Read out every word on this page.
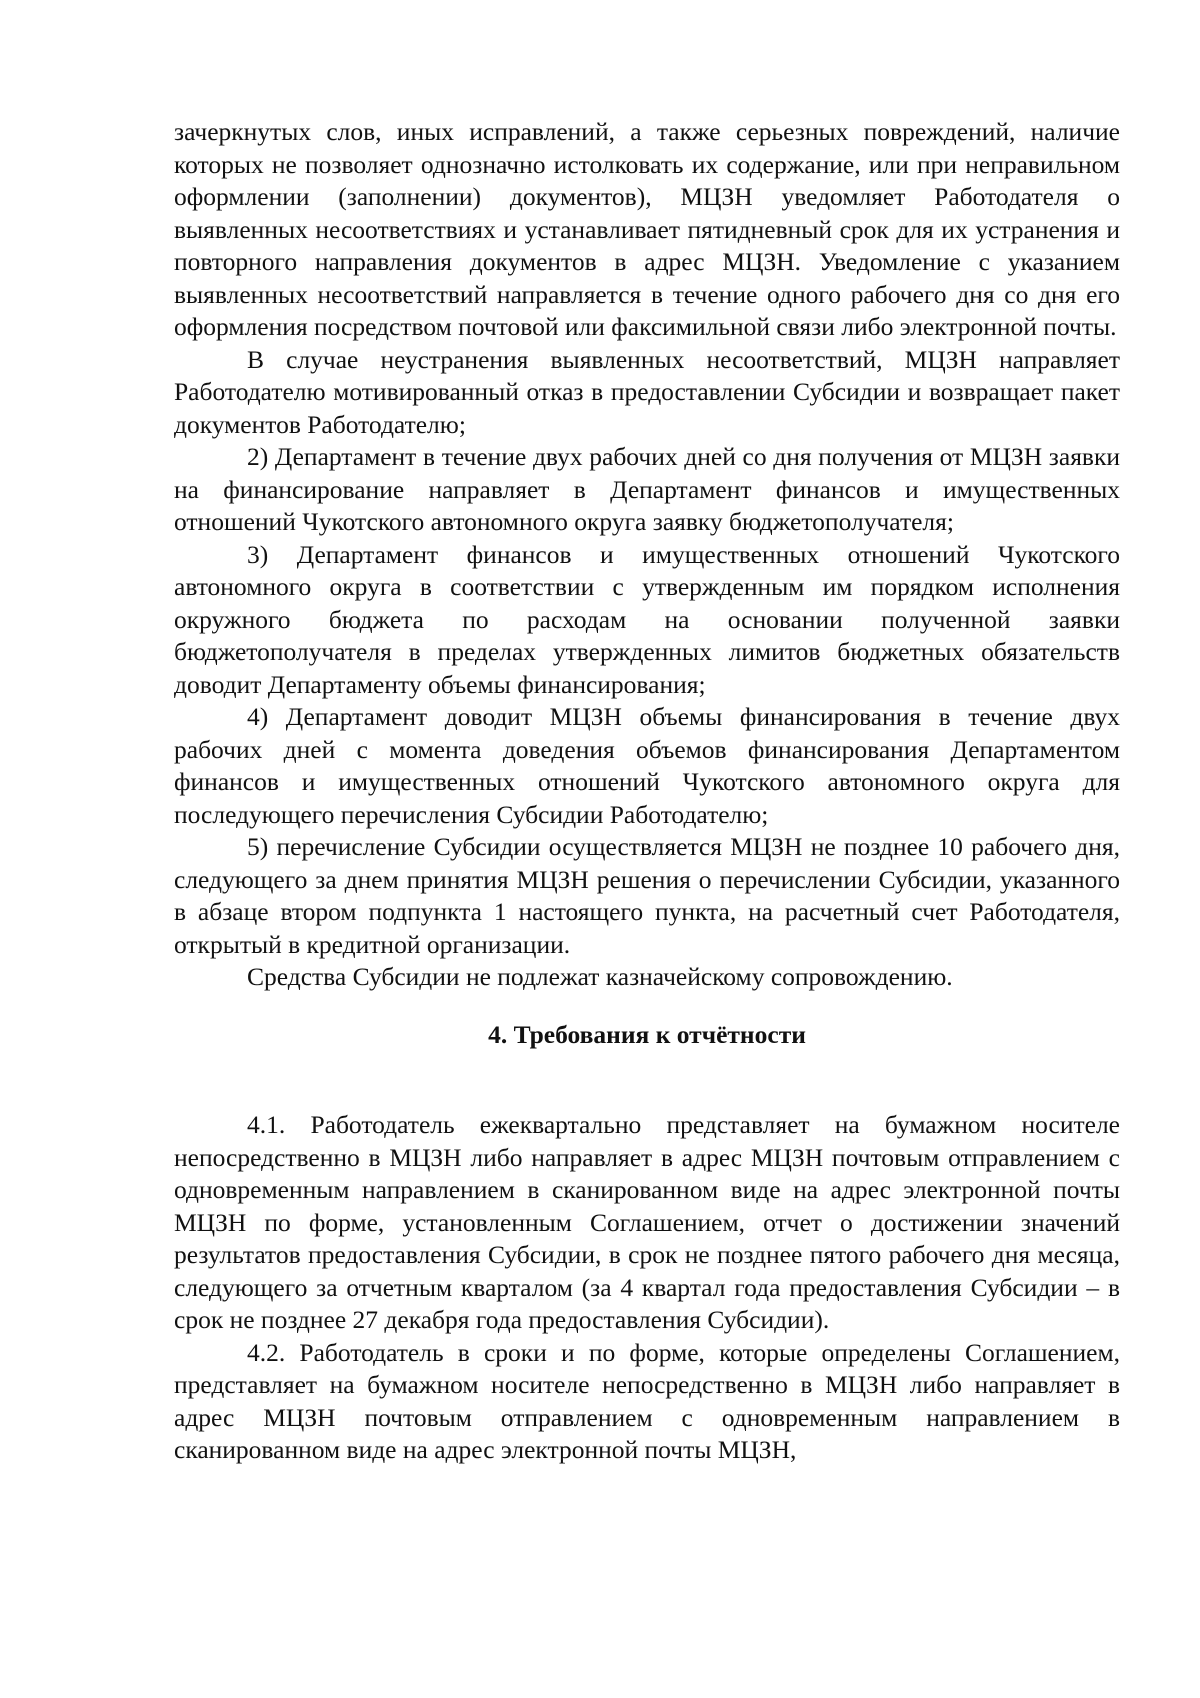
зачеркнутых слов, иных исправлений, а также серьезных повреждений, наличие которых не позволяет однозначно истолковать их содержание, или при неправильном оформлении (заполнении) документов), МЦЗН уведомляет Работодателя о выявленных несоответствиях и устанавливает пятидневный срок для их устранения и повторного направления документов в адрес МЦЗН. Уведомление с указанием выявленных несоответствий направляется в течение одного рабочего дня со дня его оформления посредством почтовой или факсимильной связи либо электронной почты.

В случае неустранения выявленных несоответствий, МЦЗН направляет Работодателю мотивированный отказ в предоставлении Субсидии и возвращает пакет документов Работодателю;

2) Департамент в течение двух рабочих дней со дня получения от МЦЗН заявки на финансирование направляет в Департамент финансов и имущественных отношений Чукотского автономного округа заявку бюджетополучателя;

3) Департамент финансов и имущественных отношений Чукотского автономного округа в соответствии с утвержденным им порядком исполнения окружного бюджета по расходам на основании полученной заявки бюджетополучателя в пределах утвержденных лимитов бюджетных обязательств доводит Департаменту объемы финансирования;

4) Департамент доводит МЦЗН объемы финансирования в течение двух рабочих дней с момента доведения объемов финансирования Департаментом финансов и имущественных отношений Чукотского автономного округа для последующего перечисления Субсидии Работодателю;

5) перечисление Субсидии осуществляется МЦЗН не позднее 10 рабочего дня, следующего за днем принятия МЦЗН решения о перечислении Субсидии, указанного в абзаце втором подпункта 1 настоящего пункта, на расчетный счет Работодателя, открытый в кредитной организации.

Средства Субсидии не подлежат казначейскому сопровождению.

4. Требования к отчётности

4.1. Работодатель ежеквартально представляет на бумажном носителе непосредственно в МЦЗН либо направляет в адрес МЦЗН почтовым отправлением с одновременным направлением в сканированном виде на адрес электронной почты МЦЗН по форме, установленным Соглашением, отчет о достижении значений результатов предоставления Субсидии, в срок не позднее пятого рабочего дня месяца, следующего за отчетным кварталом (за 4 квартал года предоставления Субсидии – в срок не позднее 27 декабря года предоставления Субсидии).

4.2. Работодатель в сроки и по форме, которые определены Соглашением, представляет на бумажном носителе непосредственно в МЦЗН либо направляет в адрес МЦЗН почтовым отправлением с одновременным направлением в сканированном виде на адрес электронной почты МЦЗН,
